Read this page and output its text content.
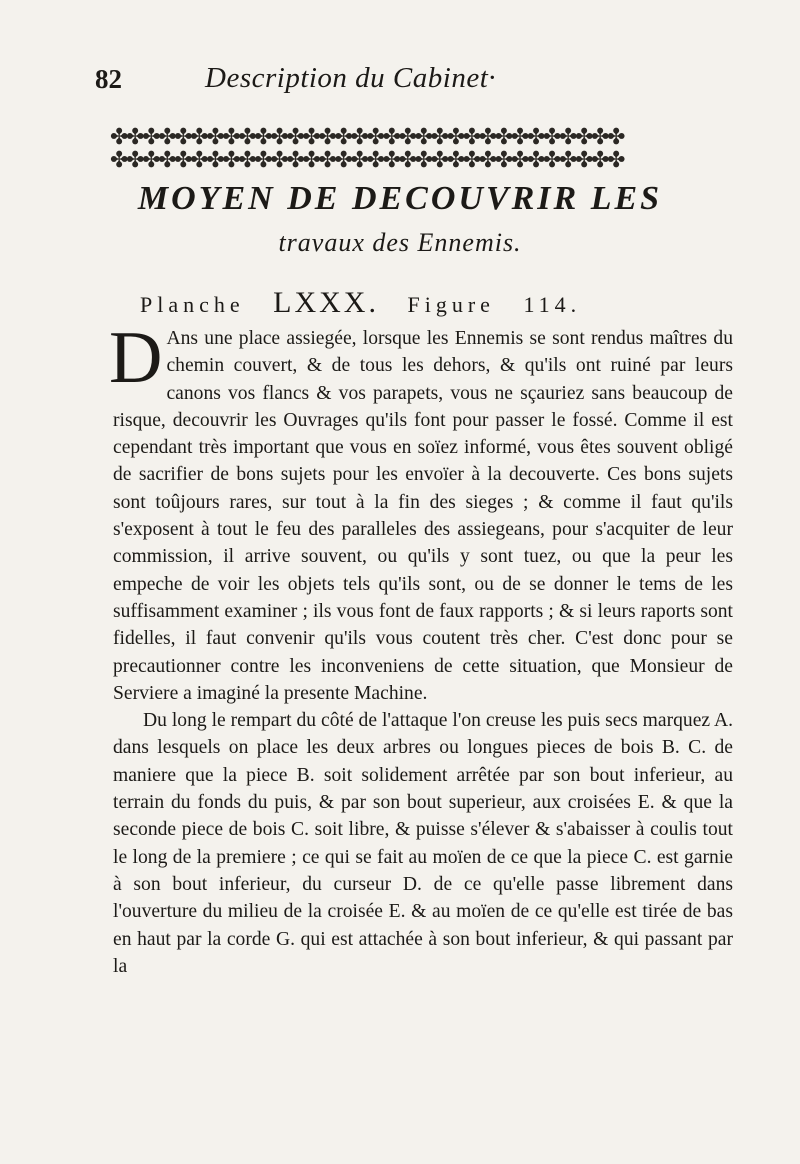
82	Description du Cabinet·
✤✤✤✤✤✤✤✤✤✤✤✤✤✤✤✤✤✤✤✤✤✤✤✤✤✤✤✤✤✤✤✤
✤✤✤✤✤✤✤✤✤✤✤✤✤✤✤✤✤✤✤✤✤✤✤✤✤✤✤✤✤✤✤✤
MOYEN DE DECOUVRIR LES
travaux des Ennemis.
Planche LXXX. Figure 114.

D Ans une place assiegée, lorsque les Ennemis se sont rendus maîtres du chemin couvert, & de tous les dehors, & qu'ils ont ruiné par leurs canons vos flancs & vos parapets, vous ne sçauriez sans beaucoup de risque, decouvrir les Ouvrages qu'ils font pour passer le fossé. Comme il est cependant très important que vous en soïez informé, vous êtes souvent obligé de sacrifier de bons sujets pour les envoïer à la decouverte. Ces bons sujets sont toûjours rares, sur tout à la fin des sieges ; & comme il faut qu'ils s'exposent à tout le feu des paralleles des assiegeans, pour s'acquiter de leur commission, il arrive souvent, ou qu'ils y sont tuez, ou que la peur les empeche de voir les objets tels qu'ils sont, ou de se donner le tems de les suffisamment examiner ; ils vous font de faux rapports ; & si leurs raports sont fidelles, il faut convenir qu'ils vous coutent très cher. C'est donc pour se precautionner contre les inconveniens de cette situation, que Monsieur de Serviere a imaginé la presente Machine.

Du long le rempart du côté de l'attaque l'on creuse les puis secs marquez A. dans lesquels on place les deux arbres ou longues pieces de bois B. C. de maniere que la piece B. soit solidement arrêtée par son bout inferieur, au terrain du fonds du puis, & par son bout superieur, aux croisées E. & que la seconde piece de bois C. soit libre, & puisse s'élever & s'abaisser à coulis tout le long de la premiere ; ce qui se fait au moïen de ce que la piece C. est garnie à son bout inferieur, du curseur D. de ce qu'elle passe librement dans l'ouverture du milieu de la croisée E. & au moïen de ce qu'elle est tirée de bas en haut par la corde G. qui est attachée à son bout inferieur, & qui passant par la
